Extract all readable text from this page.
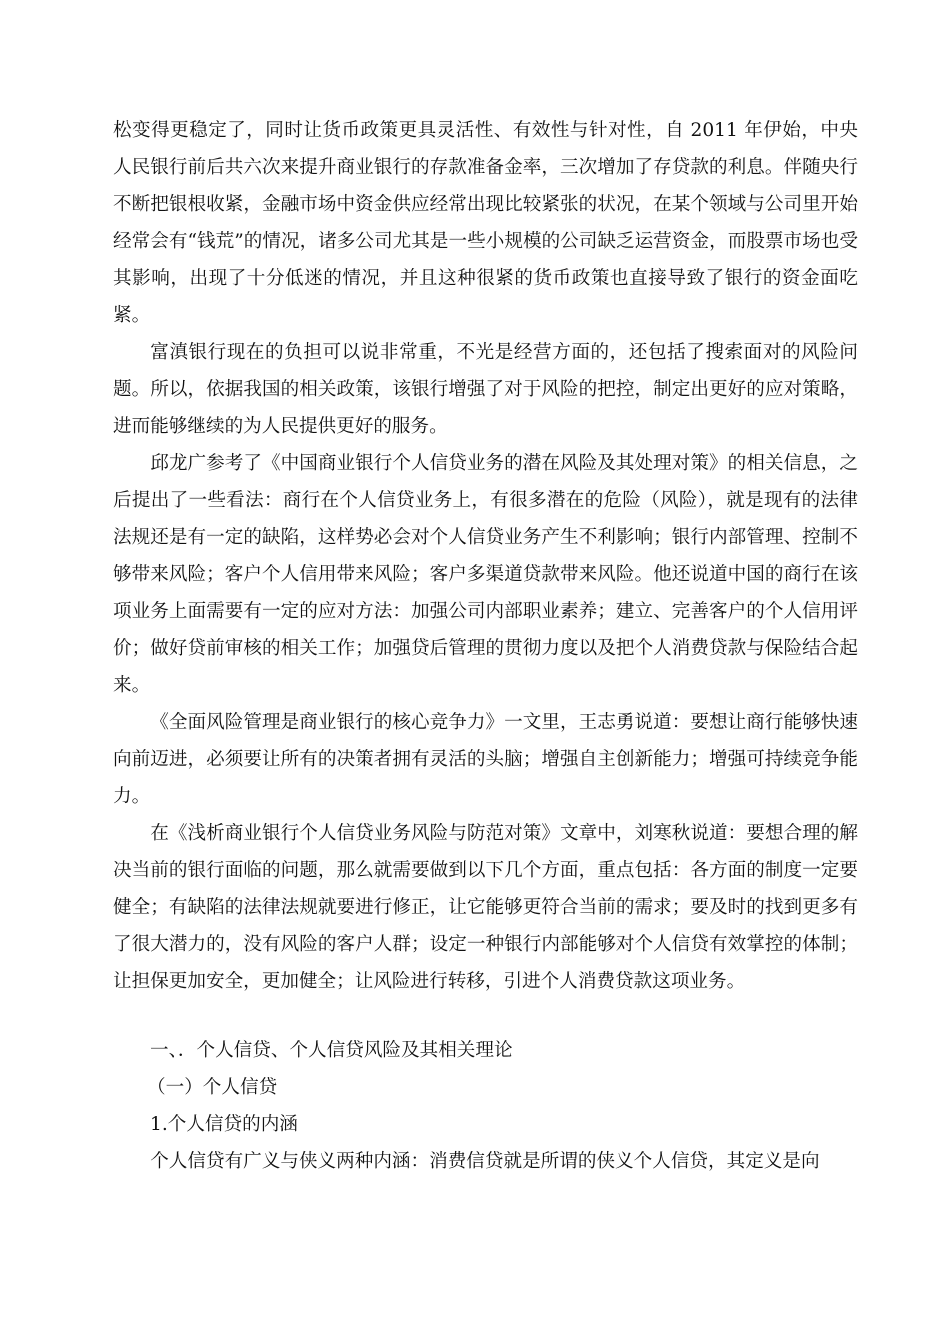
松变得更稳定了，同时让货币政策更具灵活性、有效性与针对性，自 2011 年伊始，中央人民银行前后共六次来提升商业银行的存款准备金率，三次增加了存贷款的利息。伴随央行不断把银根收紧，金融市场中资金供应经常出现比较紧张的状况，在某个领域与公司里开始经常会有“钱荒”的情况，诸多公司尤其是一些小规模的公司缺乏运营资金，而股票市场也受其影响，出现了十分低迷的情况，并且这种很紧的货币政策也直接导致了银行的资金面吃紧。

富滇银行现在的负担可以说非常重，不光是经营方面的，还包括了搜索面对的风险问题。所以，依据我国的相关政策，该银行增强了对于风险的把控，制定出更好的应对策略，进而能够继续的为人民提供更好的服务。

邱龙广参考了《中国商业银行个人信贷业务的潜在风险及其处理对策》的相关信息，之后提出了一些看法：商行在个人信贷业务上，有很多潜在的危险（风险），就是现有的法律法规还是有一定的缺陷，这样势必会对个人信贷业务产生不利影响；银行内部管理、控制不够带来风险；客户个人信用带来风险；客户多渠道贷款带来风险。他还说道中国的商行在该项业务上面需要有一定的应对方法：加强公司内部职业素养；建立、完善客户的个人信用评价；做好贷前审核的相关工作；加强贷后管理的贯彻力度以及把个人消费贷款与保险结合起来。

《全面风险管理是商业银行的核心竞争力》一文里，王志勇说道：要想让商行能够快速向前迈进，必须要让所有的决策者拥有灵活的头脑；增强自主创新能力；增强可持续竞争能力。

在《浅析商业银行个人信贷业务风险与防范对策》文章中，刘寒秋说道：要想合理的解决当前的银行面临的问题，那么就需要做到以下几个方面，重点包括：各方面的制度一定要健全；有缺陷的法律法规就要进行修正，让它能够更符合当前的需求；要及时的找到更多有了很大潜力的，没有风险的客户人群；设定一种银行内部能够对个人信贷有效掌控的体制；让担保更加安全，更加健全；让风险进行转移，引进个人消费贷款这项业务。

一、．个人信贷、个人信贷风险及其相关理论

（一）个人信贷

1.个人信贷的内涵

个人信贷有广义与侠义两种内涵：消费信贷就是所谓的侠义个人信贷，其定义是向
